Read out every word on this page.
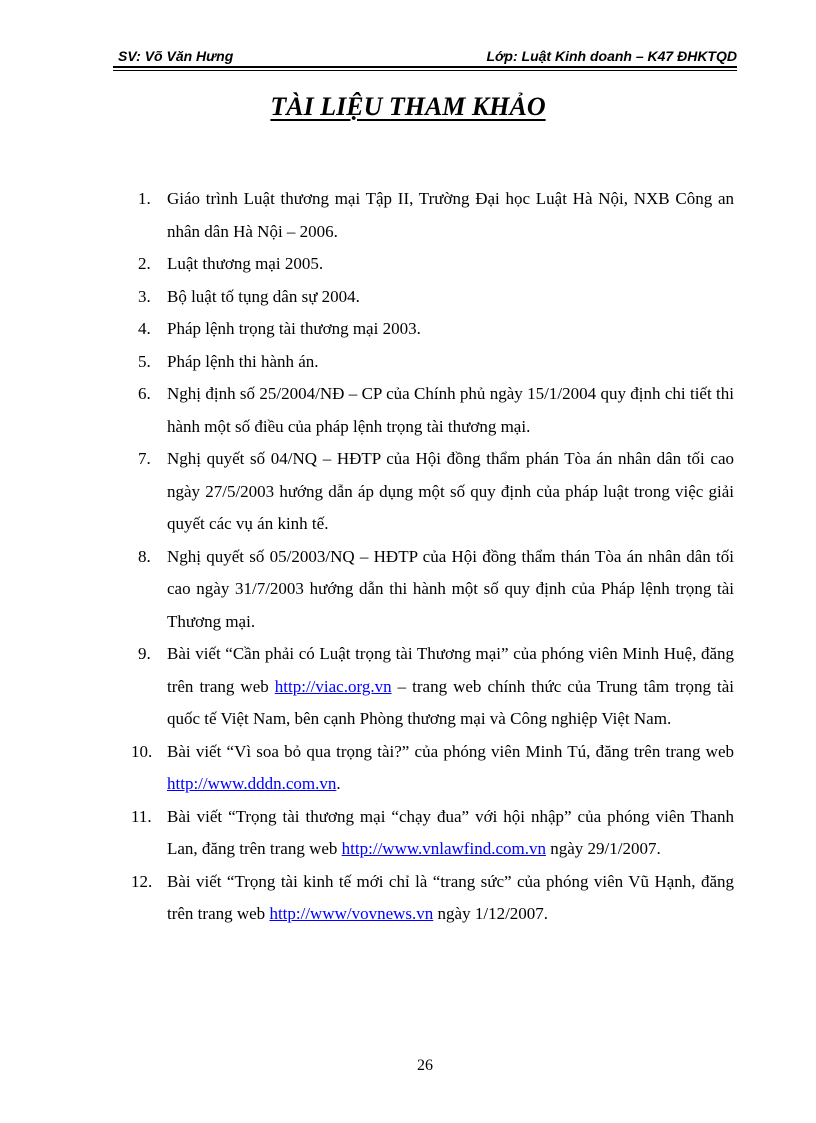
SV: Võ Văn Hưng	Lớp: Luật Kinh doanh – K47 ĐHKTQD
TÀI LIỆU THAM KHẢO
1. Giáo trình Luật thương mại Tập II, Trường Đại học Luật Hà Nội, NXB Công an nhân dân Hà Nội – 2006.
2. Luật thương mại 2005.
3. Bộ luật tố tụng dân sự 2004.
4. Pháp lệnh trọng tài thương mại 2003.
5. Pháp lệnh thi hành án.
6. Nghị định số 25/2004/NĐ – CP của Chính phủ ngày 15/1/2004 quy định chi tiết thi hành một số điều của pháp lệnh trọng tài thương mại.
7. Nghị quyết số 04/NQ – HĐTP của Hội đồng thẩm phán Tòa án nhân dân tối cao ngày 27/5/2003 hướng dẫn áp dụng một số quy định của pháp luật trong việc giải quyết các vụ án kinh tế.
8. Nghị quyết số 05/2003/NQ – HĐTP của Hội đồng thẩm thán Tòa án nhân dân tối cao ngày 31/7/2003 hướng dẫn thi hành một số quy định của Pháp lệnh trọng tài Thương mại.
9. Bài viết “Cần phải có Luật trọng tài Thương mại” của phóng viên Minh Huệ, đăng trên trang web http://viac.org.vn – trang web chính thức của Trung tâm trọng tài quốc tế Việt Nam, bên cạnh Phòng thương mại và Công nghiệp Việt Nam.
10. Bài viết “Vì soa bỏ qua trọng tài?” của phóng viên Minh Tú, đăng trên trang web http://www.dddn.com.vn.
11. Bài viết “Trọng tài thương mại “chạy đua” với hội nhập” của phóng viên Thanh Lan, đăng trên trang web http://www.vnlawfind.com.vn ngày 29/1/2007.
12. Bài viết “Trọng tài kinh tế mới chỉ là “trang sức” của phóng viên Vũ Hạnh, đăng trên trang web http://www/vovnews.vn ngày 1/12/2007.
26
